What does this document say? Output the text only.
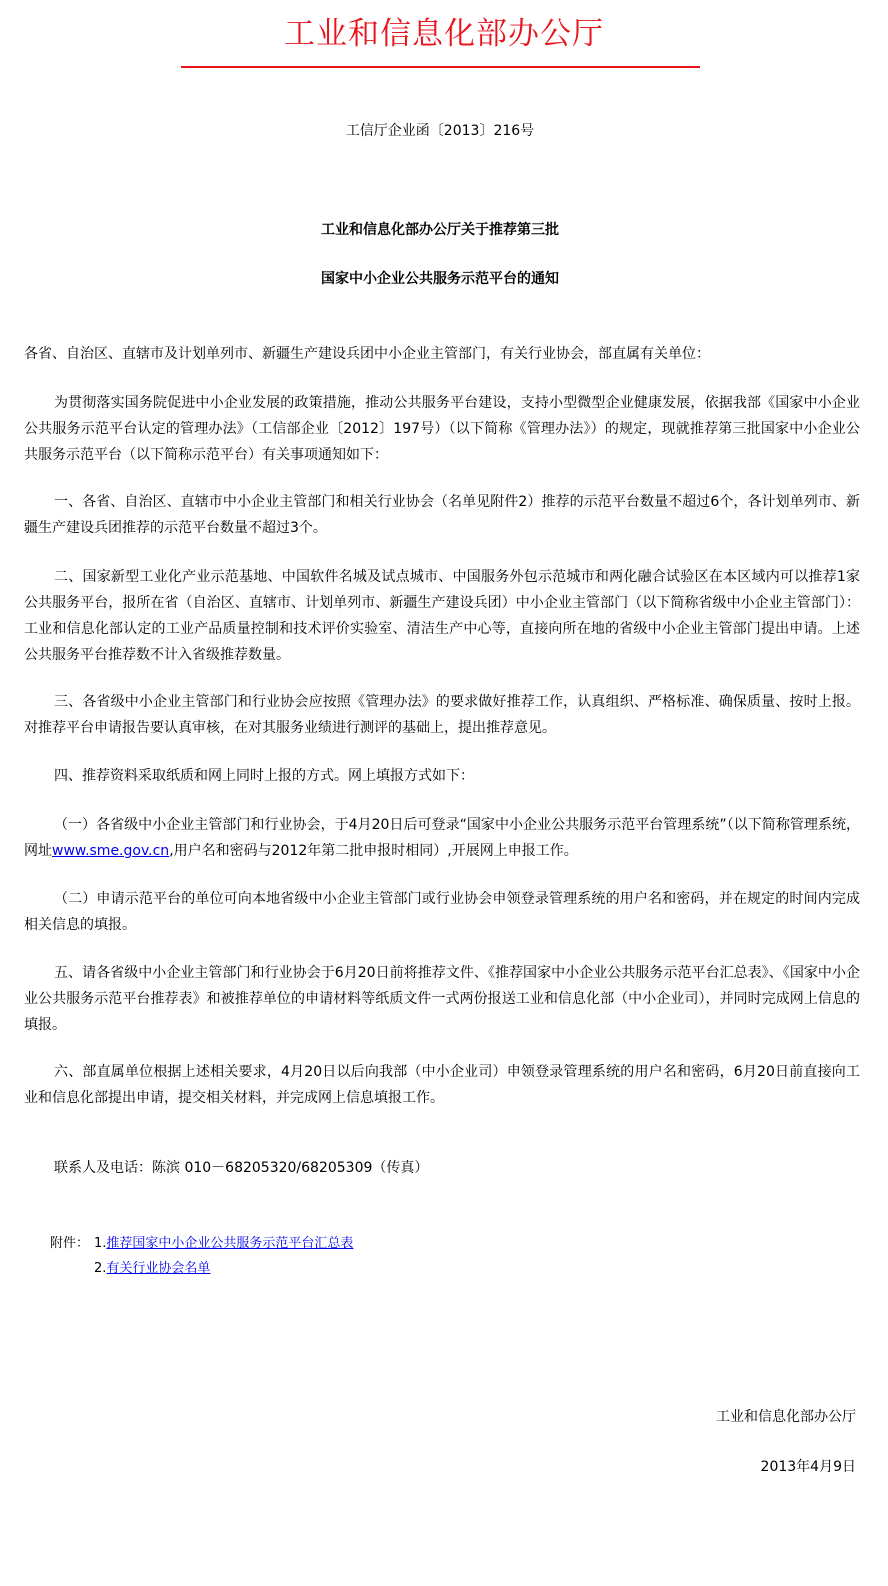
工业和信息化部办公厅
工信厅企业函〔2013〕216号
工业和信息化部办公厅关于推荐第三批
国家中小企业公共服务示范平台的通知
各省、自治区、直辖市及计划单列市、新疆生产建设兵团中小企业主管部门，有关行业协会，部直属有关单位：
为贯彻落实国务院促进中小企业发展的政策措施，推动公共服务平台建设，支持小型微型企业健康发展，依据我部《国家中小企业公共服务示范平台认定的管理办法》（工信部企业〔2012〕197号）（以下简称《管理办法》）的规定，现就推荐第三批国家中小企业公共服务示范平台（以下简称示范平台）有关事项通知如下：
一、各省、自治区、直辖市中小企业主管部门和相关行业协会（名单见附件2）推荐的示范平台数量不超过6个，各计划单列市、新疆生产建设兵团推荐的示范平台数量不超过3个。
二、国家新型工业化产业示范基地、中国软件名城及试点城市、中国服务外包示范城市和两化融合试验区在本区域内可以推荐1家公共服务平台，报所在省（自治区、直辖市、计划单列市、新疆生产建设兵团）中小企业主管部门（以下简称省级中小企业主管部门）：工业和信息化部认定的工业产品质量控制和技术评价实验室、清洁生产中心等，直接向所在地的省级中小企业主管部门提出申请。上述公共服务平台推荐数不计入省级推荐数量。
三、各省级中小企业主管部门和行业协会应按照《管理办法》的要求做好推荐工作，认真组织、严格标准、确保质量、按时上报。对推荐平台申请报告要认真审核，在对其服务业绩进行测评的基础上，提出推荐意见。
四、推荐资料采取纸质和网上同时上报的方式。网上填报方式如下：
（一）各省级中小企业主管部门和行业协会，于4月20日后可登录“国家中小企业公共服务示范平台管理系统”（以下简称管理系统，网址www.sme.gov.cn,用户名和密码与2012年第二批申报时相同）,开展网上申报工作。
（二）申请示范平台的单位可向本地省级中小企业主管部门或行业协会申领登录管理系统的用户名和密码，并在规定的时间内完成相关信息的填报。
五、请各省级中小企业主管部门和行业协会于6月20日前将推荐文件、《推荐国家中小企业公共服务示范平台汇总表》、《国家中小企业公共服务示范平台推荐表》和被推荐单位的申请材料等纸质文件一式两份报送工业和信息化部（中小企业司），并同时完成网上信息的填报。
六、部直属单位根据上述相关要求，4月20日以后向我部（中小企业司）申领登录管理系统的用户名和密码，6月20日前直接向工业和信息化部提出申请，提交相关材料，并完成网上信息填报工作。
联系人及电话：陈滨 010－68205320/68205309（传真）
附件： 1.推荐国家中小企业公共服务示范平台汇总表
2.有关行业协会名单
工业和信息化部办公厅
2013年4月9日
